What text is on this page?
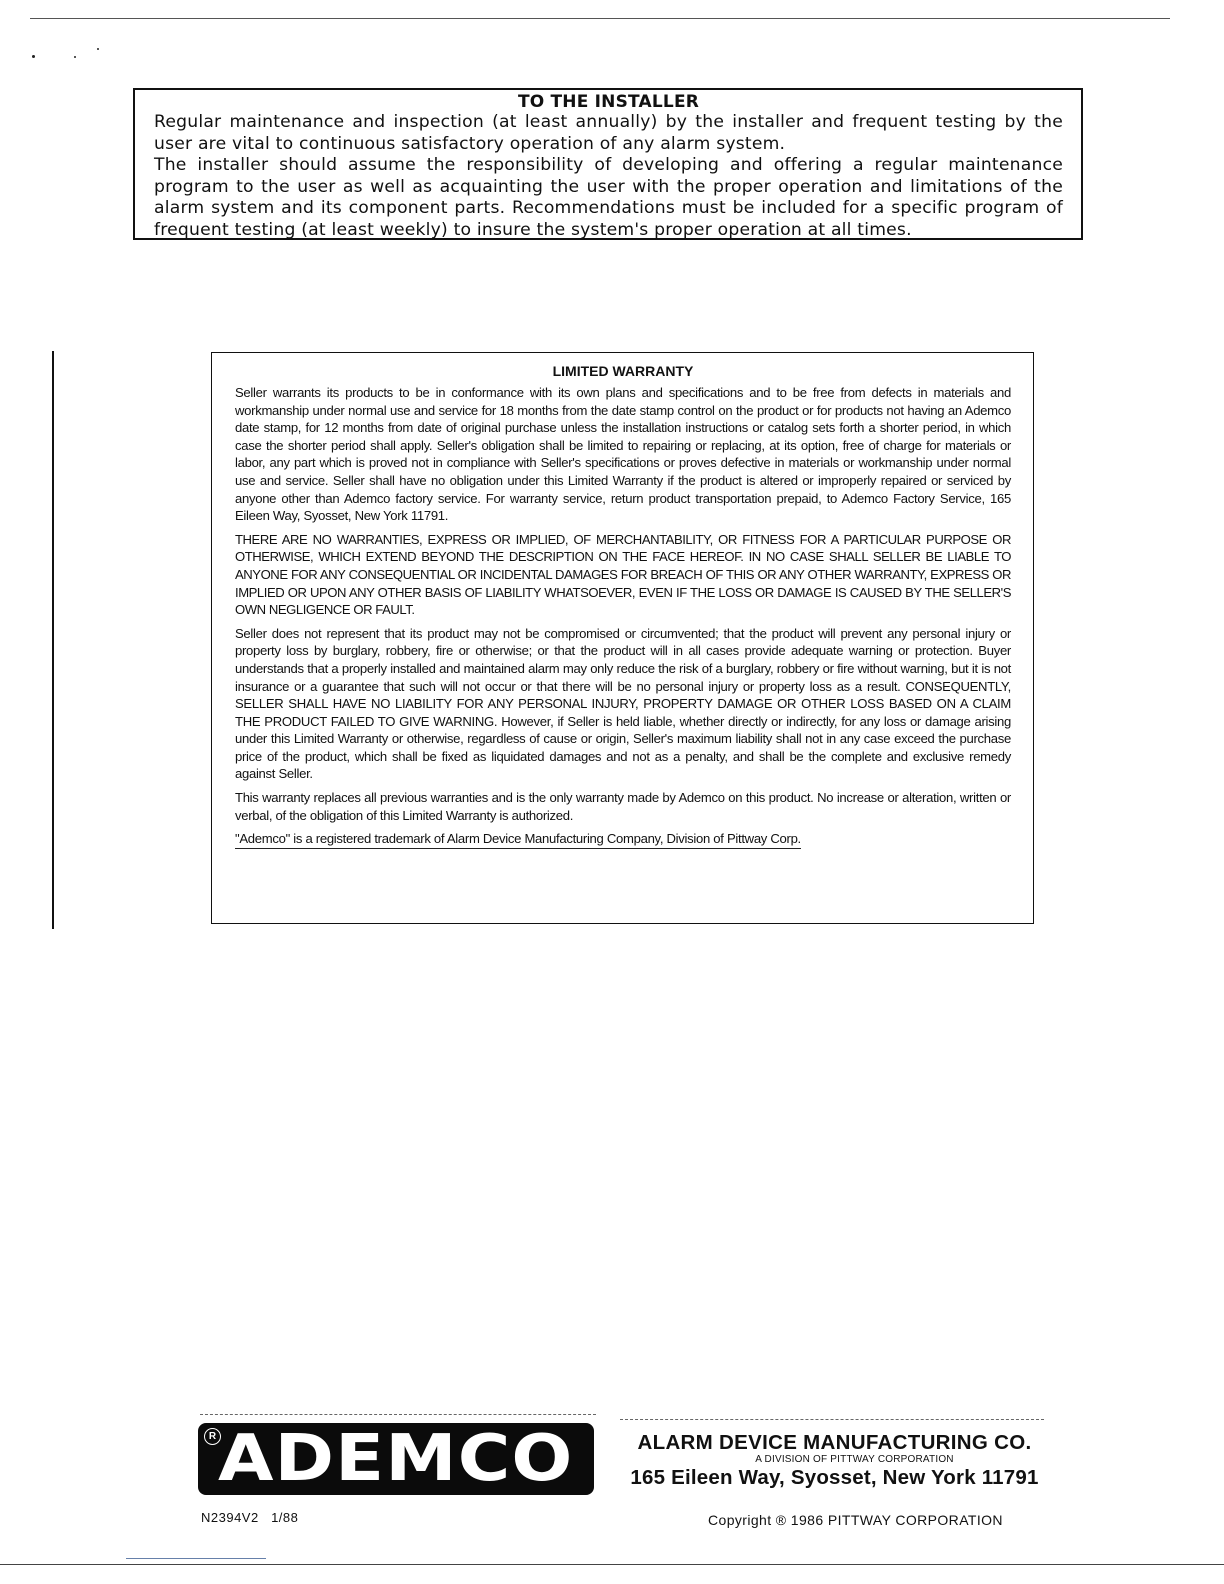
TO THE INSTALLER

Regular maintenance and inspection (at least annually) by the installer and frequent testing by the user are vital to continuous satisfactory operation of any alarm system.

The installer should assume the responsibility of developing and offering a regular maintenance program to the user as well as acquainting the user with the proper operation and limitations of the alarm system and its component parts. Recommendations must be included for a specific program of frequent testing (at least weekly) to insure the system's proper operation at all times.

LIMITED WARRANTY

Seller warrants its products to be in conformance with its own plans and specifications and to be free from defects in materials and workmanship under normal use and service for 18 months from the date stamp control on the product or for products not having an Ademco date stamp, for 12 months from date of original purchase unless the installation instructions or catalog sets forth a shorter period, in which case the shorter period shall apply. Seller's obligation shall be limited to repairing or replacing, at its option, free of charge for materials or labor, any part which is proved not in compliance with Seller's specifications or proves defective in materials or workmanship under normal use and service. Seller shall have no obligation under this Limited Warranty if the product is altered or improperly repaired or serviced by anyone other than Ademco factory service. For warranty service, return product transportation prepaid, to Ademco Factory Service, 165 Eileen Way, Syosset, New York 11791.

THERE ARE NO WARRANTIES, EXPRESS OR IMPLIED, OF MERCHANTABILITY, OR FITNESS FOR A PARTICULAR PURPOSE OR OTHERWISE, WHICH EXTEND BEYOND THE DESCRIPTION ON THE FACE HEREOF. IN NO CASE SHALL SELLER BE LIABLE TO ANYONE FOR ANY CONSEQUENTIAL OR INCIDENTAL DAMAGES FOR BREACH OF THIS OR ANY OTHER WARRANTY, EXPRESS OR IMPLIED OR UPON ANY OTHER BASIS OF LIABILITY WHATSOEVER, EVEN IF THE LOSS OR DAMAGE IS CAUSED BY THE SELLER'S OWN NEGLIGENCE OR FAULT.

Seller does not represent that its product may not be compromised or circumvented; that the product will prevent any personal injury or property loss by burglary, robbery, fire or otherwise; or that the product will in all cases provide adequate warning or protection. Buyer understands that a properly installed and maintained alarm may only reduce the risk of a burglary, robbery or fire without warning, but it is not insurance or a guarantee that such will not occur or that there will be no personal injury or property loss as a result. CONSEQUENTLY, SELLER SHALL HAVE NO LIABILITY FOR ANY PERSONAL INJURY, PROPERTY DAMAGE OR OTHER LOSS BASED ON A CLAIM THE PRODUCT FAILED TO GIVE WARNING. However, if Seller is held liable, whether directly or indirectly, for any loss or damage arising under this Limited Warranty or otherwise, regardless of cause or origin, Seller's maximum liability shall not in any case exceed the purchase price of the product, which shall be fixed as liquidated damages and not as a penalty, and shall be the complete and exclusive remedy against Seller.

This warranty replaces all previous warranties and is the only warranty made by Ademco on this product. No increase or alteration, written or verbal, of the obligation of this Limited Warranty is authorized.

"Ademco" is a registered trademark of Alarm Device Manufacturing Company, Division of Pittway Corp.

R ADEMCO	ALARM DEVICE MANUFACTURING CO.
A DIVISION OF PITTWAY CORPORATION
165 Eileen Way, Syosset, New York 11791
N2394V2 1/88	Copyright ® 1986 PITTWAY CORPORATION
